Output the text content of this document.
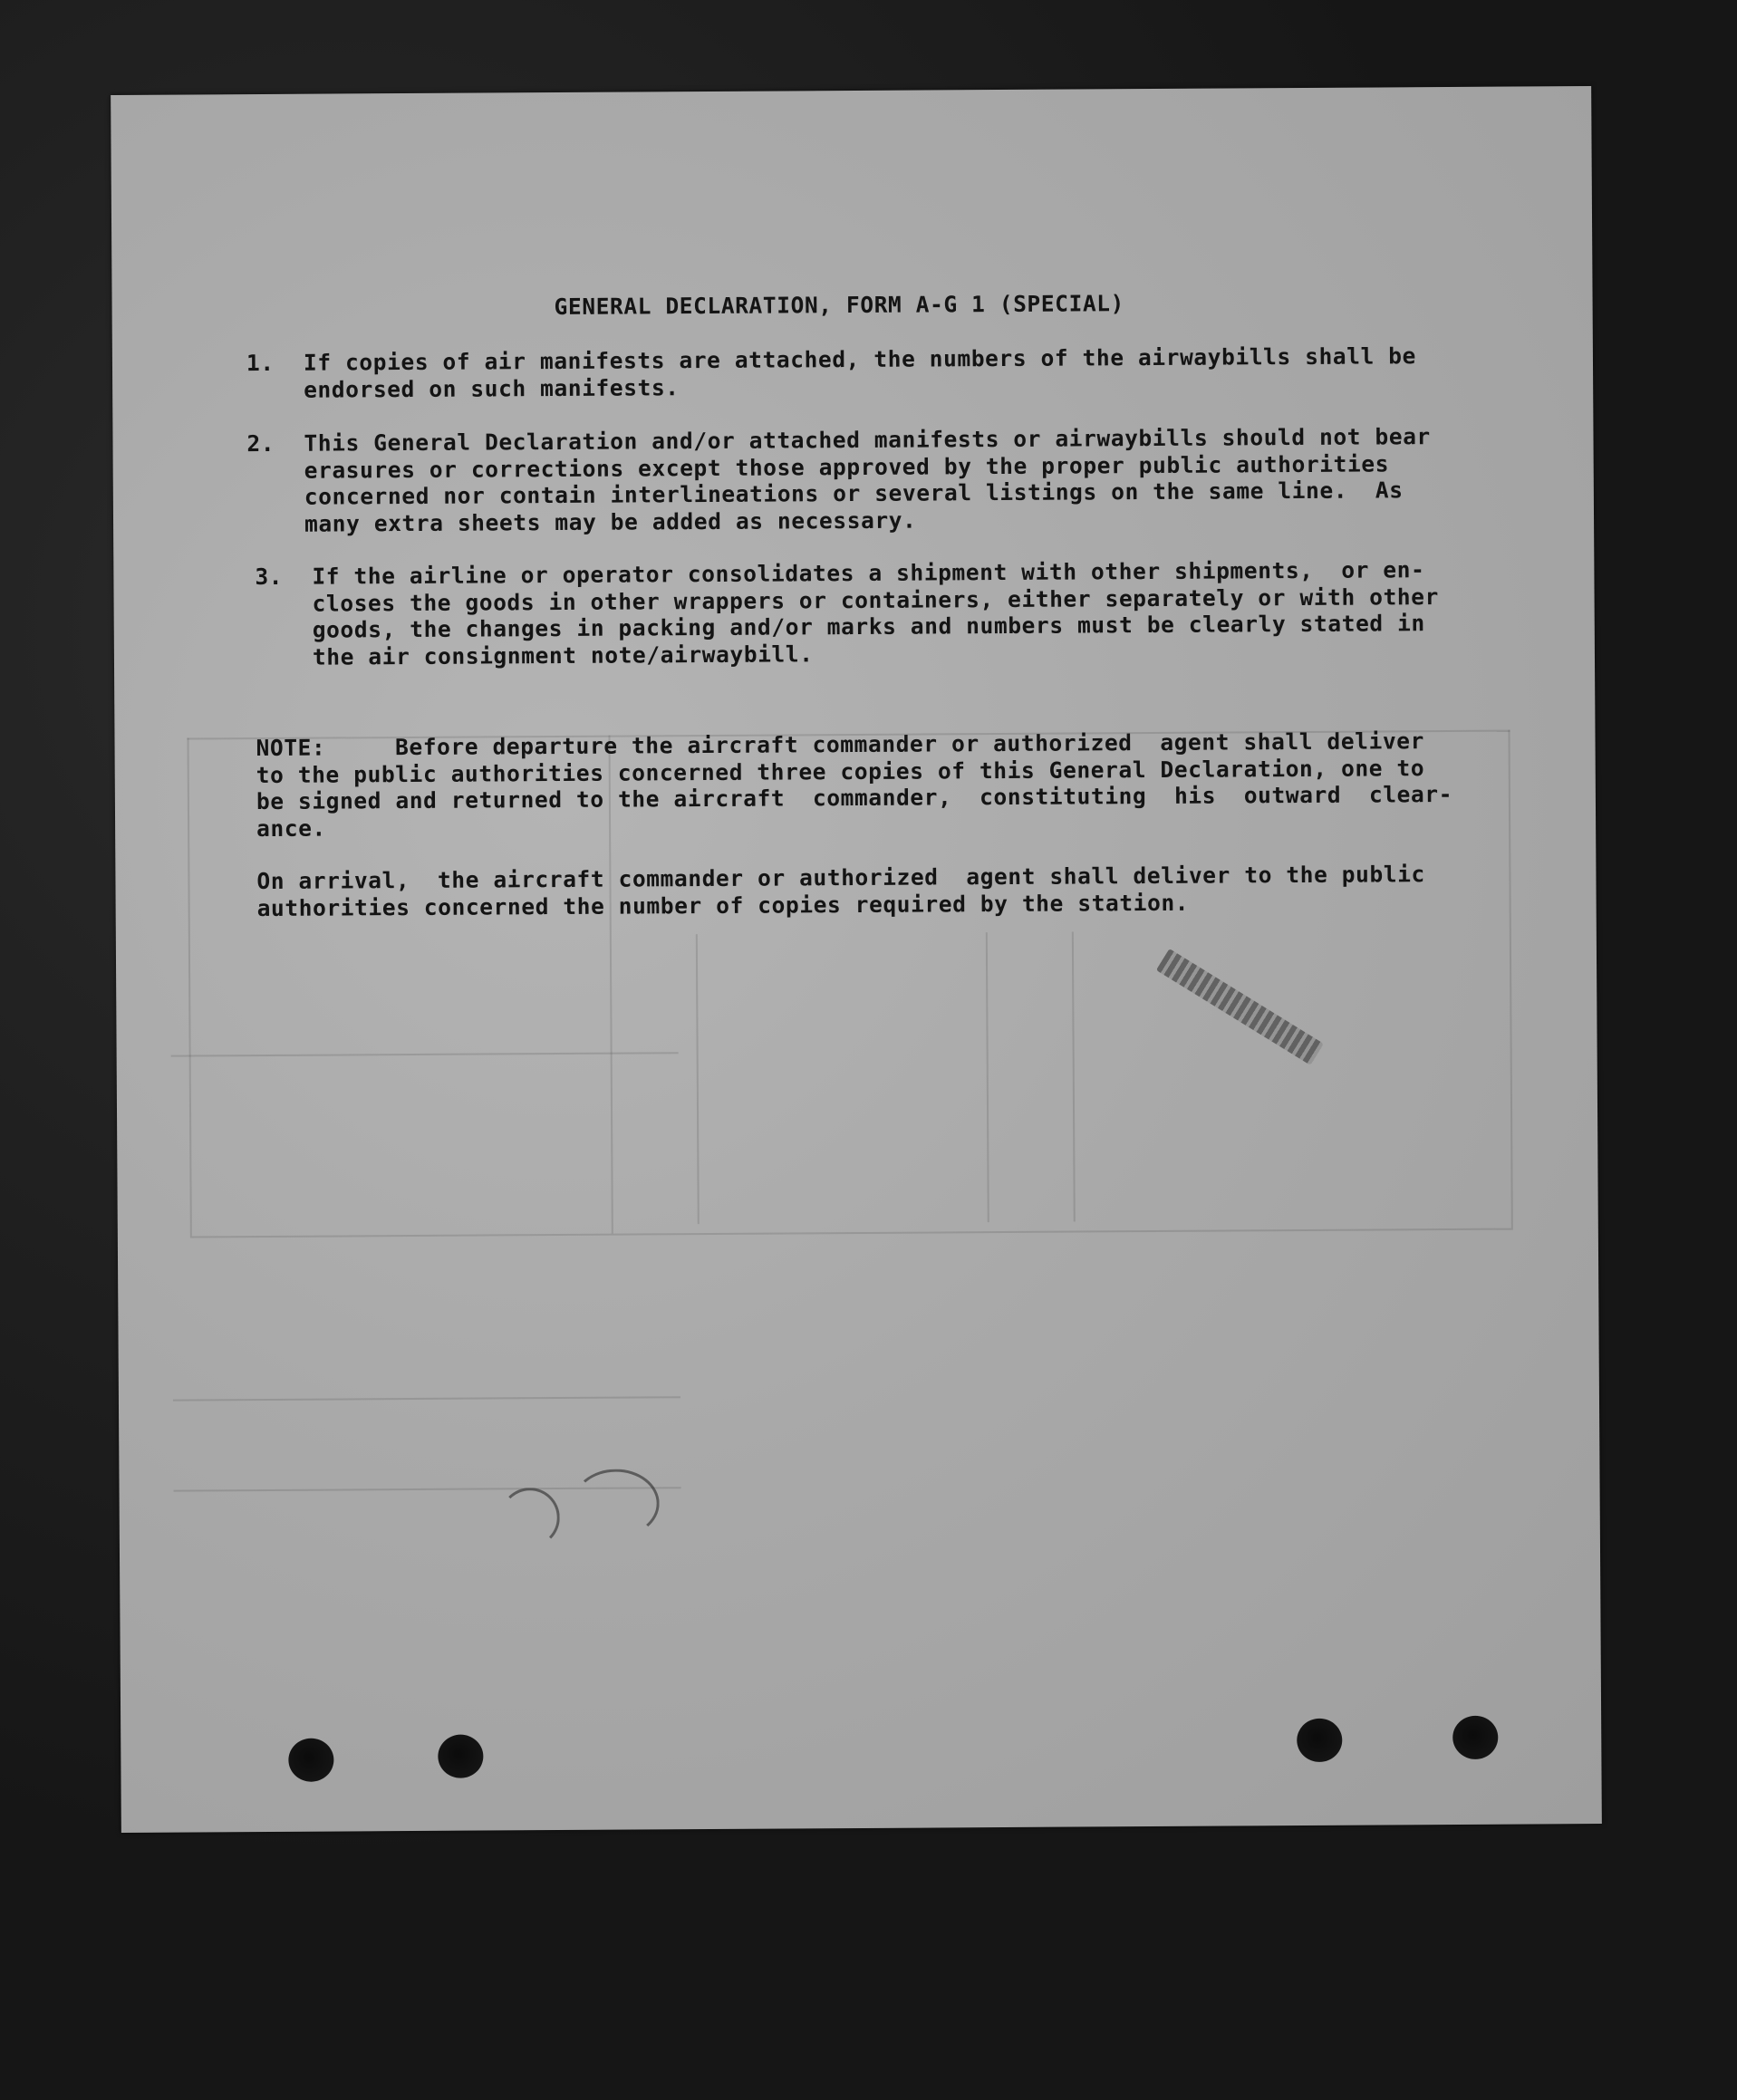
GENERAL DECLARATION, FORM A-G 1 (SPECIAL)
1. If copies of air manifests are attached, the numbers of the airwaybills shall be
endorsed on such manifests.
2. This General Declaration and/or attached manifests or airwaybills should not bear
erasures or corrections except those approved by the proper public authorities
concerned nor contain interlineations or several listings on the same line.  As
many extra sheets may be added as necessary.
3. If the airline or operator consolidates a shipment with other shipments,  or en-
closes the goods in other wrappers or containers, either separately or with other
goods, the changes in packing and/or marks and numbers must be clearly stated in
the air consignment note/airwaybill.
NOTE:     Before departure the aircraft commander or authorized  agent shall deliver
to the public authorities concerned three copies of this General Declaration, one to
be signed and returned to the aircraft  commander,  constituting  his  outward  clear-
ance.
On arrival,  the aircraft commander or authorized  agent shall deliver to the public
authorities concerned the number of copies required by the station.
